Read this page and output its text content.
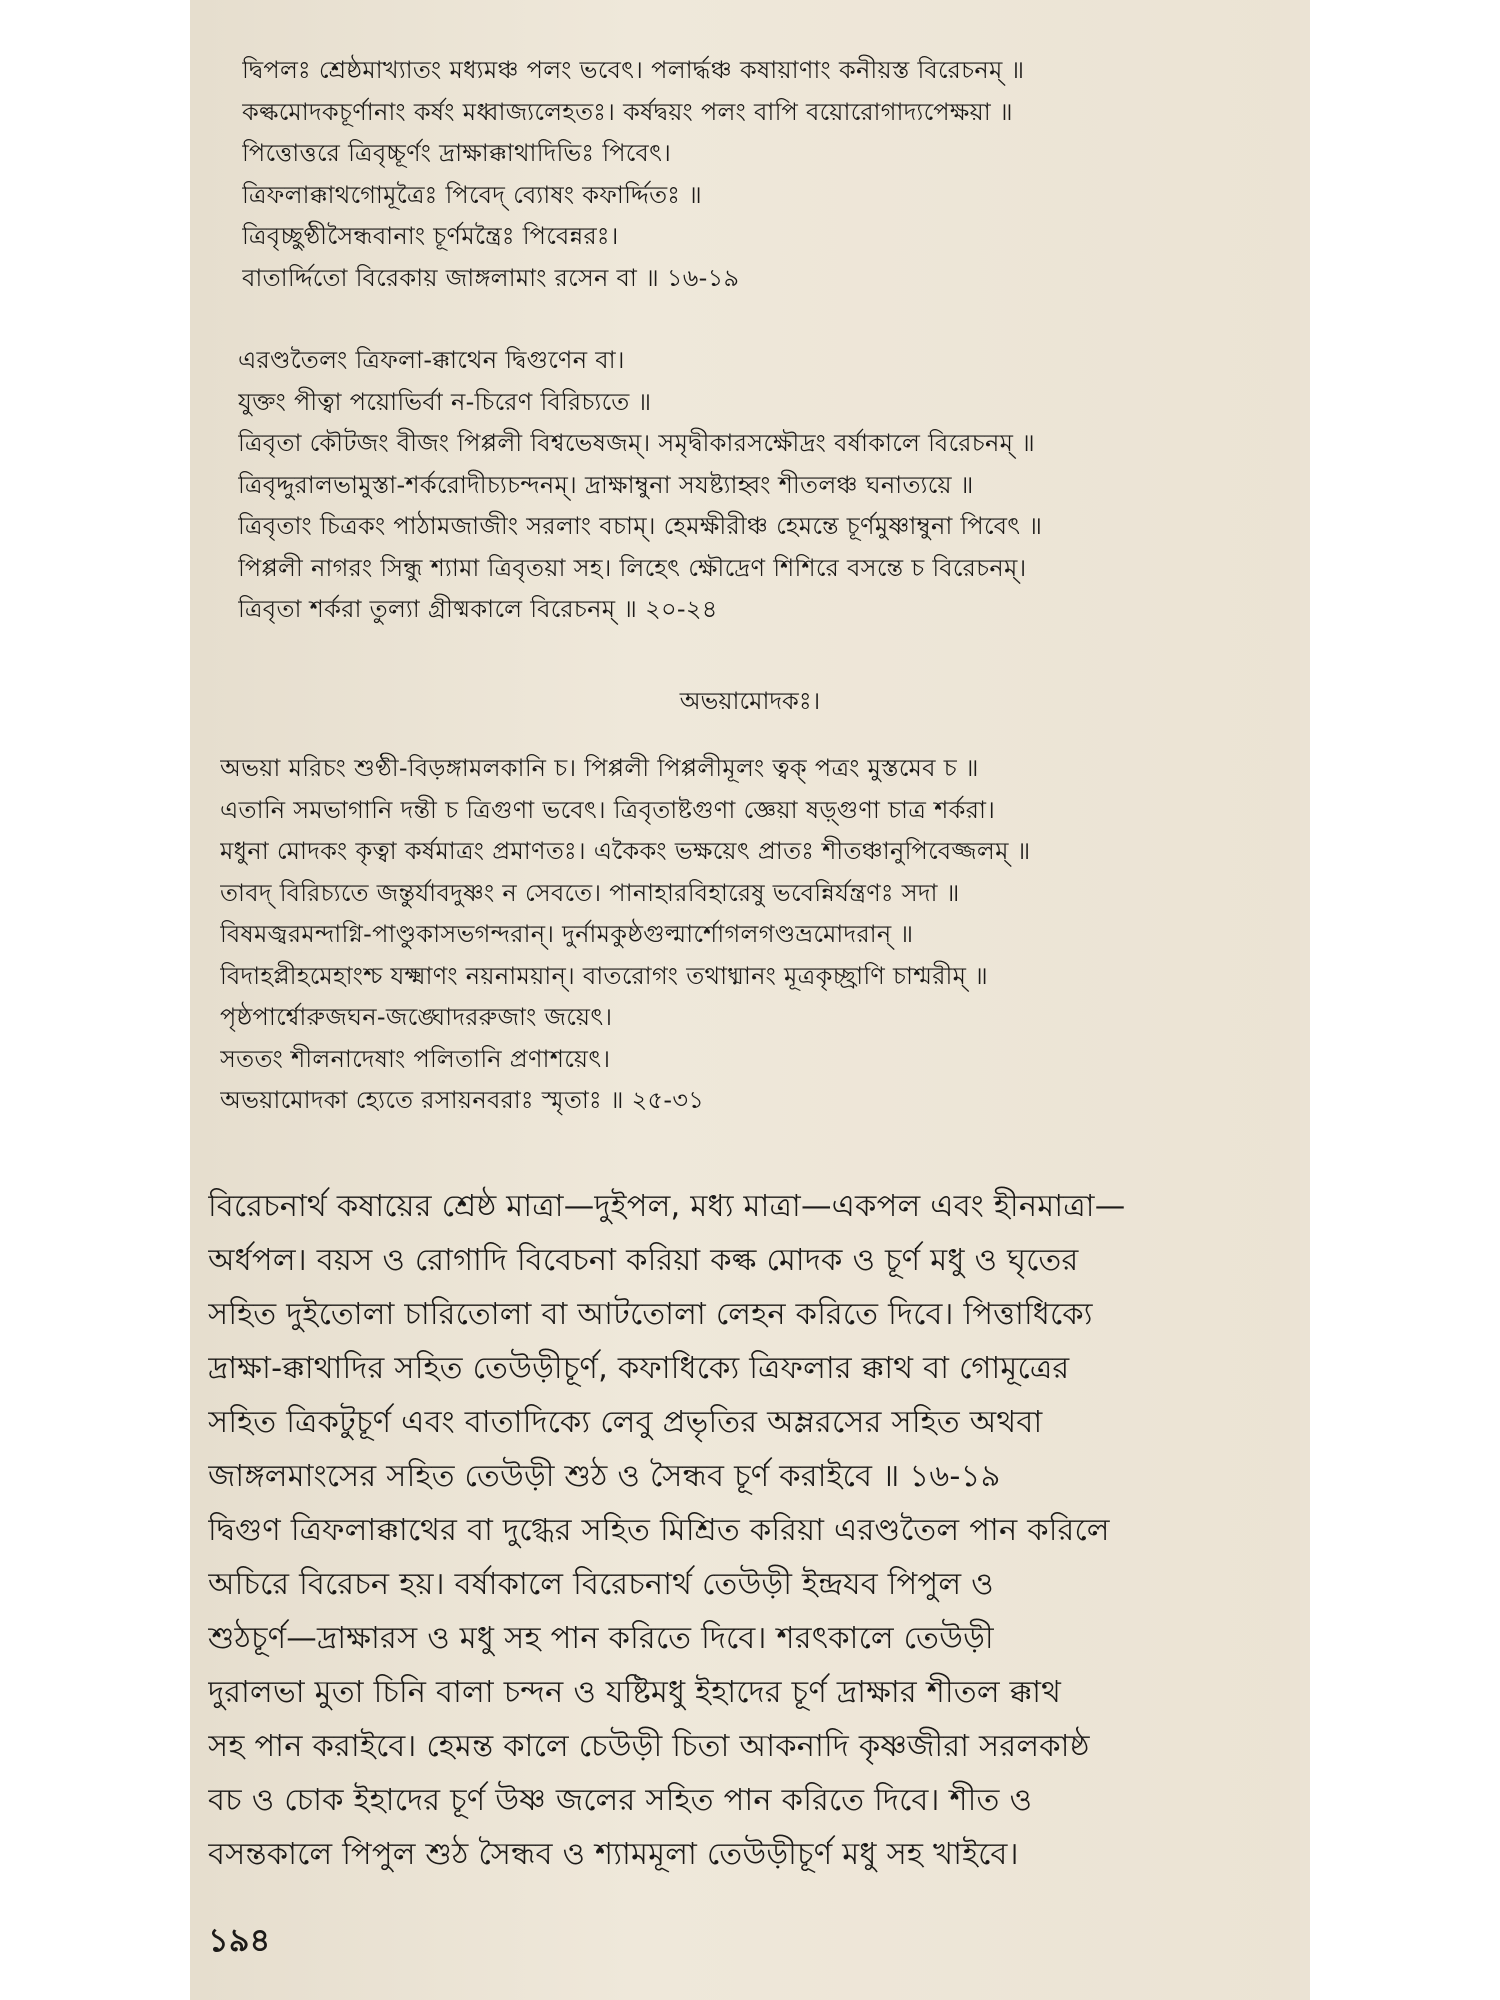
দ্বিপলঃ শ্রেষ্ঠমাখ্যাতং মধ্যমঞ্চ পলং ভবেৎ। পলার্দ্ধঞ্চ কষায়াণাং কনীয়স্ত বিরেচনম্ ॥
কল্কমোদকচূর্ণানাং কর্ষং মধ্বাজ্যলেহতঃ। কর্ষদ্বয়ং পলং বাপি বয়োরোগাদ্যপেক্ষয়া ॥
পিত্তোত্তরে ত্রিবৃচ্চূর্ণং দ্রাক্ষাক্কাথাদিভিঃ পিবেৎ।
ত্রিফলাক্কাথগোমূত্রৈঃ পিবেদ্ ব্যোষং কফার্দ্দিতঃ ॥
ত্রিবৃচ্ছুণ্ঠীসৈন্ধবানাং চূর্ণমন্ত্রৈঃ পিবেন্নরঃ।
বাতার্দ্দিতো বিরেকায় জাঙ্গলামাং রসেন বা ॥ ১৬-১৯
এরণ্ডতৈলং ত্রিফলা-ক্কাথেন দ্বিগুণেন বা।
যুক্তং পীত্বা পয়োভির্বা ন-চিরেণ বিরিচ্যতে ॥
ত্রিবৃতা কৌটজং বীজং পিপ্পলী বিশ্বভেষজম্। সমৃদ্বীকারসক্ষৌদ্রং বর্ষাকালে বিরেচনম্ ॥
ত্রিবৃদ্দুরালভামুস্তা-শর্করোদীচ্যচন্দনম্। দ্রাক্ষাম্বুনা সযষ্ট্যাহ্বং শীতলঞ্চ ঘনাত্যয়ে ॥
ত্রিবৃতাং চিত্রকং পাঠামজাজীং সরলাং বচাম্। হেমক্ষীরীঞ্চ হেমন্তে চূর্ণমুষ্ণাম্বুনা পিবেৎ ॥
পিপ্পলী নাগরং সিন্ধু শ্যামা ত্রিবৃতয়া সহ। লিহেৎ ক্ষৌদ্রেণ শিশিরে বসন্তে চ বিরেচনম্।
ত্রিবৃতা শর্করা তুল্যা গ্রীষ্মকালে বিরেচনম্ ॥ ২০-২৪
অভয়ামোদকঃ।
অভয়া মরিচং শুণ্ঠী-বিড়ঙ্গামলকানি চ। পিপ্পলী পিপ্পলীমূলং ত্বক্ পত্রং মুস্তমেব চ ॥
এতানি সমভাগানি দন্তী চ ত্রিগুণা ভবেৎ। ত্রিবৃতাষ্টগুণা জ্ঞেয়া ষড়্গুণা চাত্র শর্করা।
মধুনা মোদকং কৃত্বা কর্ষমাত্রং প্রমাণতঃ। একৈকং ভক্ষয়েৎ প্রাতঃ শীতঞ্চানুপিবেজ্জলম্ ॥
তাবদ্ বিরিচ্যতে জন্তুর্যাবদুষ্ণং ন সেবতে। পানাহারবিহারেষু ভবেন্নির্যন্ত্রণঃ সদা ॥
বিষমজ্বরমন্দাগ্নি-পাণ্ডুকাসভগন্দরান্। দুর্নামকুষ্ঠগুল্মার্শোগলগণ্ডভ্রমোদরান্ ॥
বিদাহপ্লীহমেহাংশ্চ যক্ষ্মাণং নয়নাময়ান্। বাতরোগং তথাধ্মানং মূত্রকৃচ্ছ্রাণি চাশ্মরীম্ ॥
পৃষ্ঠপার্শ্বোরুজঘন-জঙ্ঘোদররুজাং জয়েৎ।
সততং শীলনাদেষাং পলিতানি প্রণাশয়েৎ।
অভয়ামোদকা হ্যেতে রসায়নবরাঃ স্মৃতাঃ ॥ ২৫-৩১
বিরেচনার্থ কষায়ের শ্রেষ্ঠ মাত্রা—দুইপল, মধ্য মাত্রা—একপল এবং হীনমাত্রা—
অর্ধপল। বয়স ও রোগাদি বিবেচনা করিয়া কল্ক মোদক ও চূর্ণ মধু ও ঘৃতের
সহিত দুইতোলা চারিতোলা বা আটতোলা লেহন করিতে দিবে। পিত্তাধিক্যে
দ্রাক্ষা-ক্কাথাদির সহিত তেউড়ীচূর্ণ, কফাধিক্যে ত্রিফলার ক্কাথ বা গোমূত্রের
সহিত ত্রিকটুচূর্ণ এবং বাতাদিক্যে লেবু প্রভৃতির অম্লরসের সহিত অথবা
জাঙ্গলমাংসের সহিত তেউড়ী শুঠ ও সৈন্ধব চূর্ণ করাইবে ॥ ১৬-১৯
দ্বিগুণ ত্রিফলাক্কাথের বা দুগ্ধের সহিত মিশ্রিত করিয়া এরণ্ডতৈল পান করিলে
অচিরে বিরেচন হয়। বর্ষাকালে বিরেচনার্থ তেউড়ী ইন্দ্রযব পিপুল ও
শুঠচূর্ণ—দ্রাক্ষারস ও মধু সহ পান করিতে দিবে। শরৎকালে তেউড়ী
দুরালভা মুতা চিনি বালা চন্দন ও যষ্টিমধু ইহাদের চূর্ণ দ্রাক্ষার শীতল ক্কাথ
সহ পান করাইবে। হেমন্ত কালে চেউড়ী চিতা আকনাদি কৃষ্ণজীরা সরলকাষ্ঠ
বচ ও চোক ইহাদের চূর্ণ উষ্ণ জলের সহিত পান করিতে দিবে। শীত ও
বসন্তকালে পিপুল শুঠ সৈন্ধব ও শ্যামমূলা তেউড়ীচূর্ণ মধু সহ খাইবে।
১৯৪
